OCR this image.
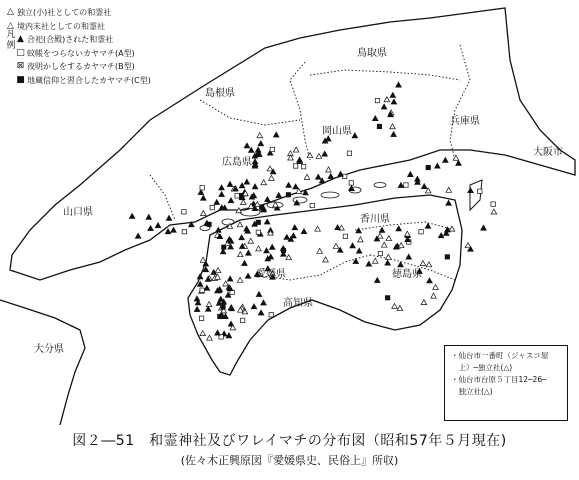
凡 例
△ 独立(小)社としての和霊社
△ 境内末社としての和霊社
▲ 合祀(合殿)された和霊社
□ 蚊帳をつらないカヤマチ(A型)
⊠ 夜明かしをするカヤマチ(B型)
■ 地蔵信仰と習合したカヤマチ(C型)
鳥取県
島根県
岡山県
兵庫県
大阪市
広島県
山口県
香川県
愛媛県	徳島県
高知県
大分県
・仙台市一番町（ジャスコ屋
　上）─独立社(△)
・仙台市台原５丁目12─26─
　独立社(△)
図２―51　和霊神社及びワレイマチの分布図（昭和57年５月現在)
(佐々木正興原図『愛媛県史、民俗上』所収)
